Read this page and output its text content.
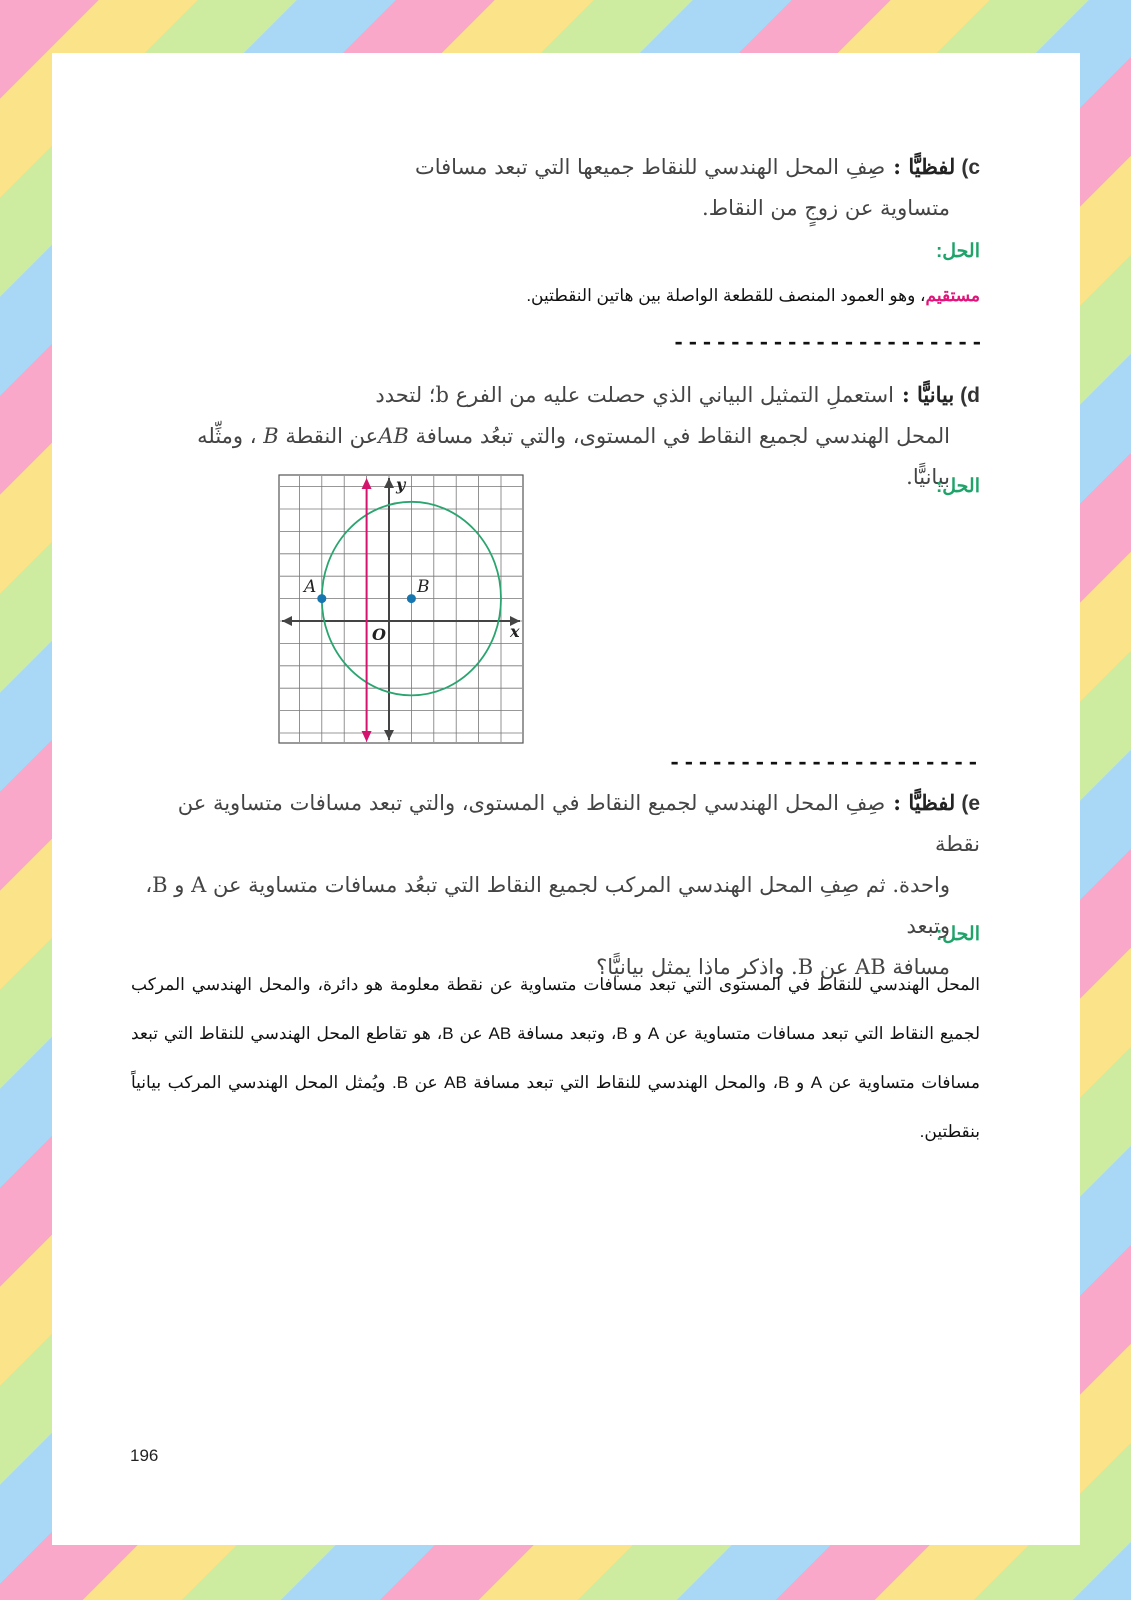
c)لفظيًّا :صِفِ المحل الهندسي للنقاط جميعها التي تبعد مسافات
متساوية عن زوجٍ من النقاط.
الحل:
مستقيم، وهو العمود المنصف للقطعة الواصلة بين هاتين النقطتين.
----------------------
d)بيانيًّا :استعملِ التمثيل البياني الذي حصلت عليه من الفرع b؛ لتحدد
المحل الهندسي لجميع النقاط في المستوى، والتي تبعُد مسافة ABعن النقطة B ، ومثِّله بيانيًّا.
الحل:
x
y
O
A	B
----------------------
e)لفظيًّا :صِفِ المحل الهندسي لجميع النقاط في المستوى، والتي تبعد مسافات متساوية عن نقطة
واحدة. ثم صِفِ المحل الهندسي المركب لجميع النقاط التي تبعُد مسافات متساوية عن A و B، وتبعد
مسافة AB عن B. واذكر ماذا يمثل بيانيًّا؟
الحل:
المحل الهندسي للنقاط في المستوى التي تبعد مسافات متساوية عن نقطة معلومة هو دائرة، والمحل الهندسي المركب لجميع النقاط التي تبعد مسافات متساوية عن A و B، وتبعد مسافة AB عن B، هو تقاطع المحل الهندسي للنقاط التي تبعد مسافات متساوية عن A و B، والمحل الهندسي للنقاط التي تبعد مسافة AB عن B. ويُمثل المحل الهندسي المركب بيانياً بنقطتين.
196
